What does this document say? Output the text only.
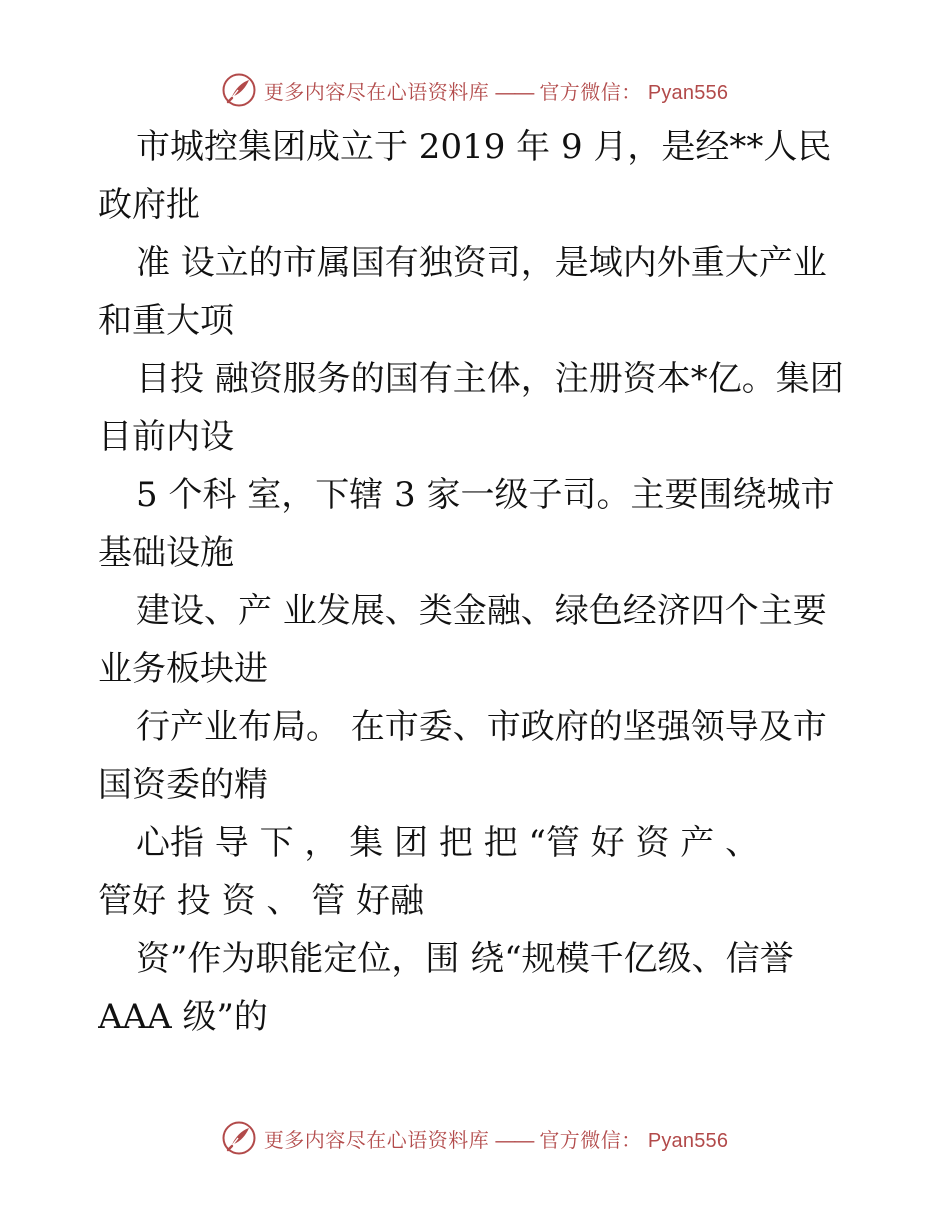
更多内容尽在心语资料库 —— 官方微信： Pyan556
市城控集团成立于 2019 年 9 月，是经**人民
政府批
准 设立的市属国有独资司，是域内外重大产业
和重大项
目投 融资服务的国有主体，注册资本*亿。集团
目前内设
5 个科 室，下辖 3 家一级子司。主要围绕城市
基础设施
建设、产 业发展、类金融、绿色经济四个主要
业务板块进
行产业布局。 在市委、市政府的坚强领导及市
国资委的精
心指 导 下 ， 集 团 把 把 “管 好 资 产 、
管好 投 资 、 管 好融
资”作为职能定位，围 绕“规模千亿级、信誉
AAA 级”的
更多内容尽在心语资料库 —— 官方微信： Pyan556
